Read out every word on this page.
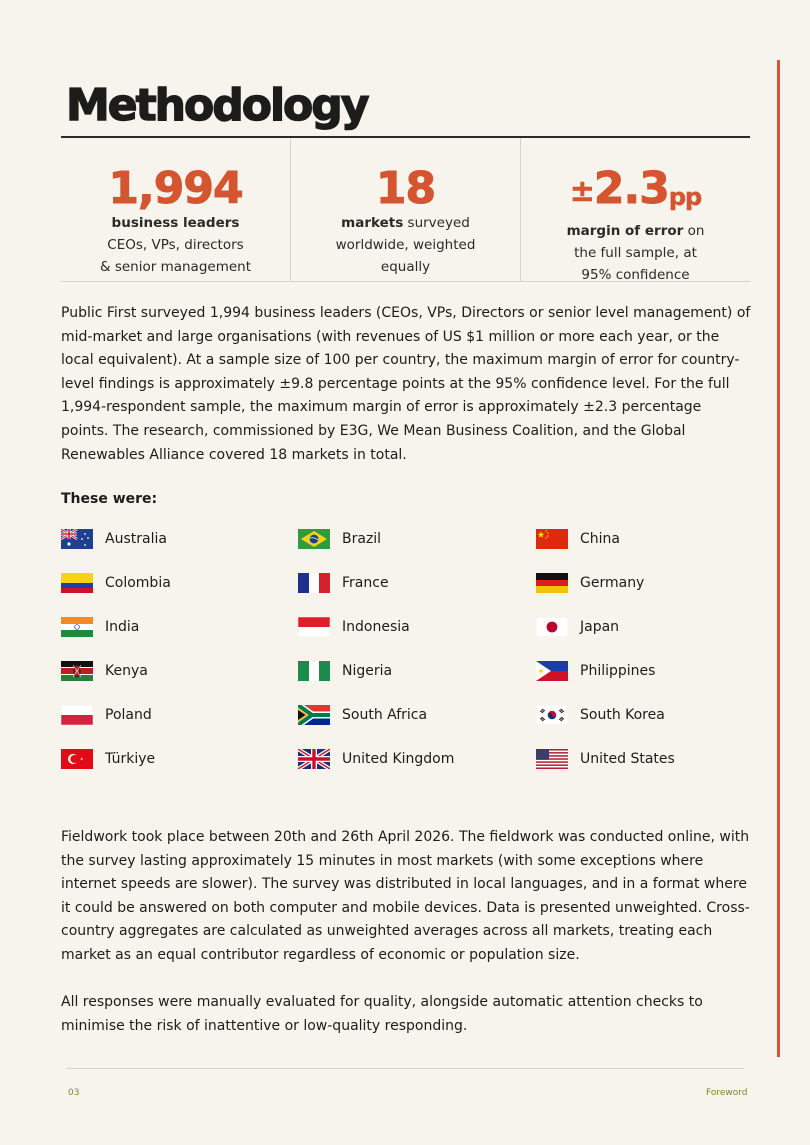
Methodology
1,994
business leaders
CEOs, VPs, directors
& senior management
18
markets surveyed
worldwide, weighted
equally
±2.3pp
margin of error on
the full sample, at
95% confidence

Public First surveyed 1,994 business leaders (CEOs, VPs, Directors or senior level management) of mid-market and large organisations (with revenues of US $1 million or more each year, or the local equivalent). At a sample size of 100 per country, the maximum margin of error for country-level findings is approximately ±9.8 percentage points at the 95% confidence level. For the full 1,994-respondent sample, the maximum margin of error is approximately ±2.3 percentage points. The research, commissioned by E3G, We Mean Business Coalition, and the Global Renewables Alliance covered 18 markets in total.

These were:

Australia	Brazil	China
Colombia	France	Germany
India	Indonesia	Japan
Kenya	Nigeria	Philippines
Poland	South Africa	South Korea
Türkiye	United Kingdom	United States

Fieldwork took place between 20th and 26th April 2026. The fieldwork was conducted online, with the survey lasting approximately 15 minutes in most markets (with some exceptions where internet speeds are slower). The survey was distributed in local languages, and in a format where it could be answered on both computer and mobile devices. Data is presented unweighted. Cross-country aggregates are calculated as unweighted averages across all markets, treating each market as an equal contributor regardless of economic or population size.

All responses were manually evaluated for quality, alongside automatic attention checks to minimise the risk of inattentive or low-quality responding.

03	Foreword
